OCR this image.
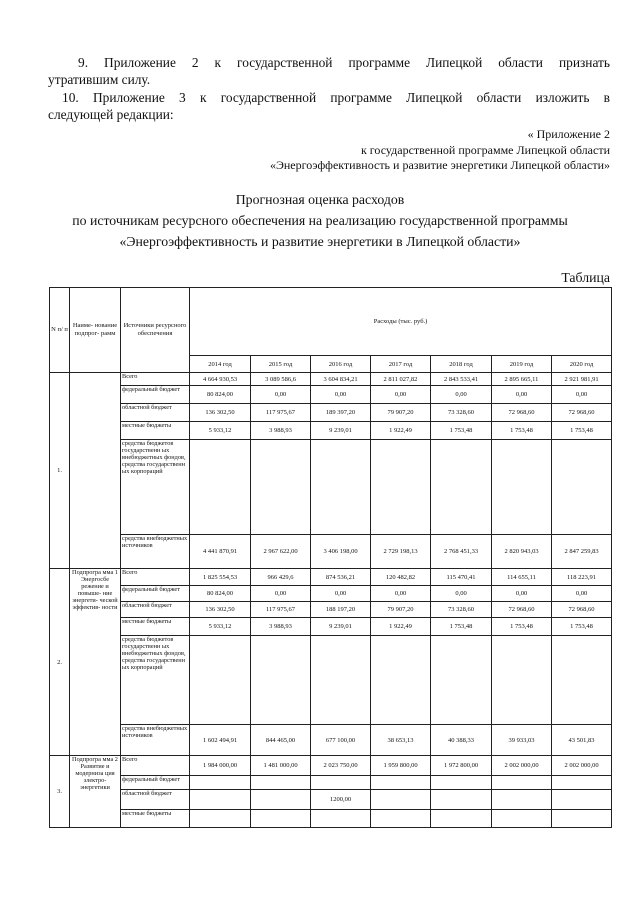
9. Приложение 2 к государственной программе Липецкой области признать
утратившим силу.
10. Приложение 3 к государственной программе Липецкой области изложить в
следующей редакции:
« Приложение 2
к государственной программе Липецкой области
«Энергоэффективность и развитие энергетики Липецкой области»
Прогнозная оценка расходов
по источникам ресурсного обеспечения на реализацию государственной программы
«Энергоэффективность и развитие энергетики в Липецкой области»
Таблица
N п/ п	Наиме- нование подпрог- рамм	Источники ресурсного обеспечения	Расходы (тыс. руб.)						
			2014 год	2015 год	2016 год	2017 год	2018 год	2019 год	2020 год
1.		Всего	4 664 930,53	3 089 586,6	3 604 834,21	2 811 027,82	2 843 533,41	2 895 665,11	2 921 981,91
		федеральный бюджет	80 824,00	0,00	0,00	0,00	0,00	0,00	0,00
		областной бюджет	136 302,50	117 975,67	189 397,20	79 907,20	73 328,60	72 968,60	72 968,60
		местные бюджеты	5 933,12	3 988,93	9 239,01	1 922,49	1 753,48	1 753,48	1 753,48
		средства бюджетов государственн ых внебюджетных фондов, средства государственн ых корпораций							
		средства внебюджетных источников	4 441 870,91	2 967 622,00	3 406 198,00	2 729 198,13	2 768 451,33	2 820 943,03	2 847 259,83
2.	Подпрогра мма 1 Энергосбе режение и повыше- ние энергети- ческой эффектив- ности	Всего	1 825 554,53	966 429,6	874 536,21	120 482,82	115 470,41	114 655,11	118 223,91
		федеральный бюджет	80 824,00	0,00	0,00	0,00	0,00	0,00	0,00
		областной бюджет	136 302,50	117 975,67	188 197,20	79 907,20	73 328,60	72 968,60	72 968,60
		местные бюджеты	5 933,12	3 988,93	9 239,01	1 922,49	1 753,48	1 753,48	1 753,48
		средства бюджетов государственн ых внебюджетных фондов, средства государственн ых корпораций							
		средства внебюджетных источников	1 602 494,91	844 465,00	677 100,00	38 653,13	40 388,33	39 933,03	43 501,83
3.	Подпрогра мма 2 Развитие и модерниза ция электро- энергетики	Всего	1 984 000,00	1 481 000,00	2 023 750,00	1 959 800,00	1 972 800,00	2 002 000,00	2 002 000,00
		федеральный бюджет							
		областной бюджет			1200,00				
		местные бюджеты							
